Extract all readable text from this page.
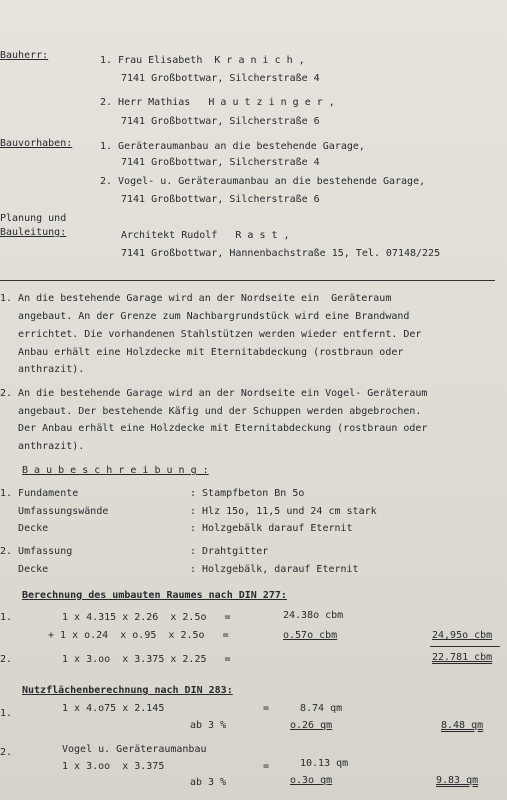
Bauherr:	1. Frau Elisabeth  K r a n i c h ,
7141 Großbottwar, Silcherstraße 4
2. Herr Mathias   H a u t z i n g e r ,
7141 Großbottwar, Silcherstraße 6
Bauvorhaben:	1. Geräteraumanbau an die bestehende Garage,
7141 Großbottwar, Silcherstraße 4
2. Vogel- u. Geräteraumanbau an die bestehende Garage,
7141 Großbottwar, Silcherstraße 6
Planung und
Bauleitung:	Architekt Rudolf   R a s t ,
7141 Großbottwar, Hannenbachstraße 15, Tel. 07148/225
1. An die bestehende Garage wird an der Nordseite ein  Geräteraum
angebaut. An der Grenze zum Nachbargrundstück wird eine Brandwand
errichtet. Die vorhandenen Stahlstützen werden wieder entfernt. Der
Anbau erhält eine Holzdecke mit Eternitabdeckung (rostbraun oder
anthrazit).
2. An die bestehende Garage wird an der Nordseite ein Vogel- Geräteraum
angebaut. Der bestehende Käfig und der Schuppen werden abgebrochen.
Der Anbau erhält eine Holzdecke mit Eternitabdeckung (rostbraun oder
anthrazit).
B a u b e s c h r e i b u n g :
1. Fundamente	: Stampfbeton Bn 5o
Umfassungswände	: Hlz 15o, 11,5 und 24 cm stark
Decke	: Holzgebälk darauf Eternit
2. Umfassung	: Drahtgitter
Decke	: Holzgebälk, darauf Eternit
Berechnung des umbauten Raumes nach DIN 277:
1.	1 x 4.315 x 2.26  x 2.5o   =	24.38o cbm
+ 1 x o.24  x o.95  x 2.5o   =	o.57o cbm	24,95o cbm
2.	1 x 3.oo  x 3.375 x 2.25   =	22.781 cbm
Nutzflächenberechnung nach DIN 283:
1.	1 x 4.o75 x 2.145	=	8.74 qm
ab 3 %	o.26 qm	8.48 qm
2.	Vogel u. Geräteraumanbau
1 x 3.oo  x 3.375	=	10.13 qm
ab 3 %	o.3o qm	9.83 qm
